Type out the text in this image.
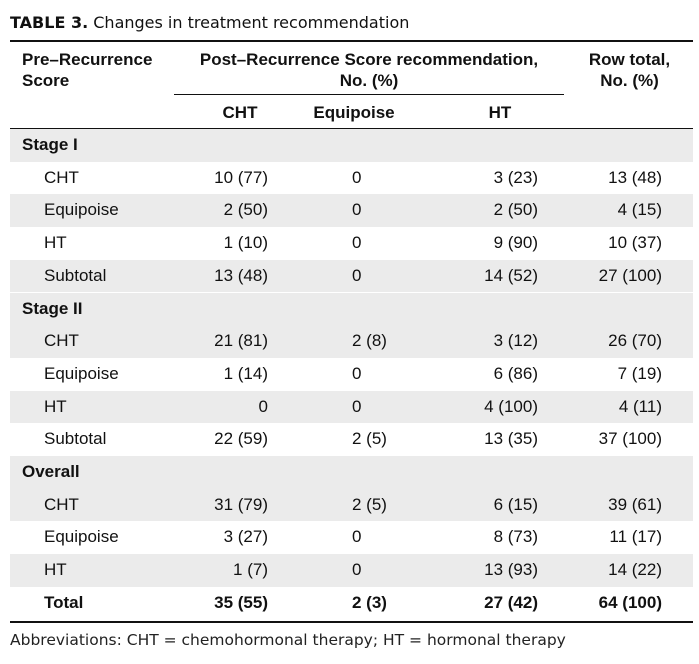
TABLE 3. Changes in treatment recommendation
Pre–Recurrence
Score
Post–Recurrence Score recommendation,
No. (%)
Row total,
No. (%)
CHT	Equipoise	HT
Stage I
CHT	10 (77)	0	3 (23)	13 (48)
Equipoise	2 (50)	0	2 (50)	4 (15)
HT	1 (10)	0	9 (90)	10 (37)
Subtotal	13 (48)	0	14 (52)	27 (100)
Stage II
CHT	21 (81)	2 (8)	3 (12)	26 (70)
Equipoise	1 (14)	0	6 (86)	7 (19)
HT	0	0	4 (100)	4 (11)
Subtotal	22 (59)	2 (5)	13 (35)	37 (100)
Overall
CHT	31 (79)	2 (5)	6 (15)	39 (61)
Equipoise	3 (27)	0	8 (73)	11 (17)
HT	1 (7)	0	13 (93)	14 (22)
Total	35 (55)	2 (3)	27 (42)	64 (100)
Abbreviations: CHT = chemohormonal therapy; HT = hormonal therapy
